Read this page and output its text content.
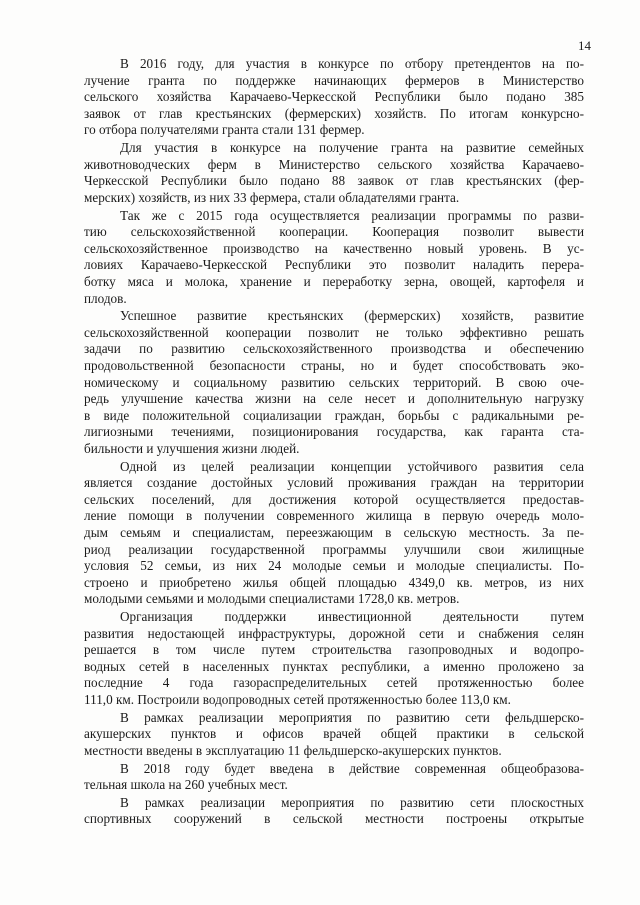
14
В 2016 году, для участия в конкурсе по отбору претендентов на по-
лучение гранта по поддержке начинающих фермеров в Министерство
сельского хозяйства Карачаево-Черкесской Республики было подано 385
заявок от глав крестьянских (фермерских) хозяйств. По итогам конкурсно-
го отбора получателями гранта стали 131 фермер.
Для участия в конкурсе на получение гранта на развитие семейных
животноводческих ферм в Министерство сельского хозяйства Карачаево-
Черкесской Республики было подано 88 заявок от глав крестьянских (фер-
мерских) хозяйств, из них 33 фермера, стали обладателями гранта.
Так же с 2015 года осуществляется реализации программы по разви-
тию сельскохозяйственной кооперации. Кооперация позволит вывести
сельскохозяйственное производство на качественно новый уровень. В ус-
ловиях Карачаево-Черкесской Республики это позволит наладить перера-
ботку мяса и молока, хранение и переработку зерна, овощей, картофеля и
плодов.
Успешное развитие крестьянских (фермерских) хозяйств, развитие
сельскохозяйственной кооперации позволит не только эффективно решать
задачи по развитию сельскохозяйственного производства и обеспечению
продовольственной безопасности страны, но и будет способствовать эко-
номическому и социальному развитию сельских территорий. В свою оче-
редь улучшение качества жизни на селе несет и дополнительную нагрузку
в виде положительной социализации граждан, борьбы с радикальными ре-
лигиозными течениями, позиционирования государства, как гаранта ста-
бильности и улучшения жизни людей.
Одной из целей реализации концепции устойчивого развития села
является создание достойных условий проживания граждан на территории
сельских поселений, для достижения которой осуществляется предостав-
ление помощи в получении современного жилища в первую очередь моло-
дым семьям и специалистам, переезжающим в сельскую местность. За пе-
риод реализации государственной программы улучшили свои жилищные
условия 52 семьи, из них 24 молодые семьи и молодые специалисты. По-
строено и приобретено жилья общей площадью 4349,0 кв. метров, из них
молодыми семьями и молодыми специалистами 1728,0 кв. метров.
Организация поддержки инвестиционной деятельности путем
развития недостающей инфраструктуры, дорожной сети и снабжения селян
решается в том числе путем строительства газопроводных и водопро-
водных сетей в населенных пунктах республики, а именно проложено за
последние 4 года газораспределительных сетей протяженностью более
111,0 км. Построили водопроводных сетей протяженностью более 113,0 км.
В рамках реализации мероприятия по развитию сети фельдшерско-
акушерских пунктов и офисов врачей общей практики в сельской
местности введены в эксплуатацию 11 фельдшерско-акушерских пунктов.
В 2018 году будет введена в действие современная общеобразова-
тельная школа на 260 учебных мест.
В рамках реализации мероприятия по развитию сети плоскостных
спортивных сооружений в сельской местности построены открытые
